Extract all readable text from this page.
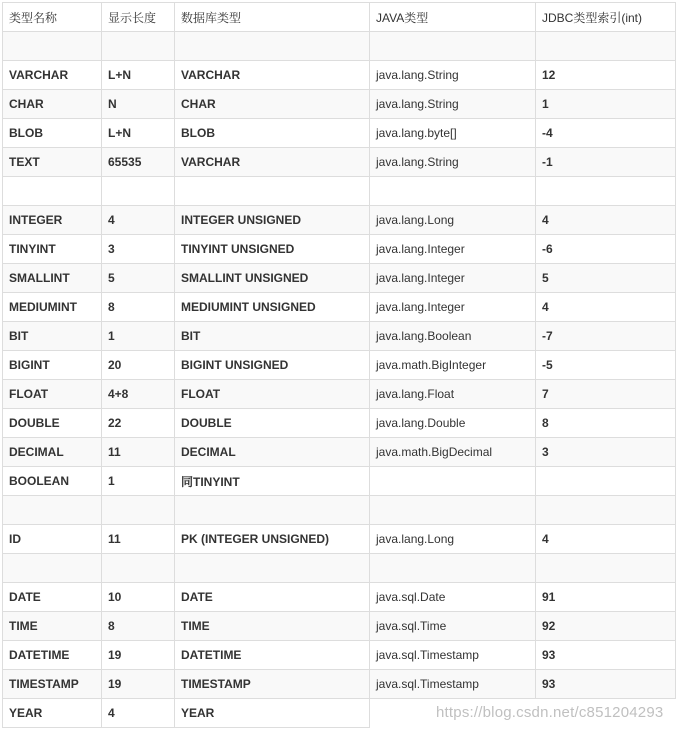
类型名称	显示长度	数据库类型	JAVA类型	JDBC类型索引(int)

VARCHAR	L+N	VARCHAR	java.lang.String	12
CHAR	N	CHAR	java.lang.String	1
BLOB	L+N	BLOB	java.lang.byte[]	-4
TEXT	65535	VARCHAR	java.lang.String	-1

INTEGER	4	INTEGER UNSIGNED	java.lang.Long	4
TINYINT	3	TINYINT UNSIGNED	java.lang.Integer	-6
SMALLINT	5	SMALLINT UNSIGNED	java.lang.Integer	5
MEDIUMINT	8	MEDIUMINT UNSIGNED	java.lang.Integer	4
BIT	1	BIT	java.lang.Boolean	-7
BIGINT	20	BIGINT UNSIGNED	java.math.BigInteger	-5
FLOAT	4+8	FLOAT	java.lang.Float	7
DOUBLE	22	DOUBLE	java.lang.Double	8
DECIMAL	11	DECIMAL	java.math.BigDecimal	3
BOOLEAN	1	同TINYINT		

ID	11	PK (INTEGER UNSIGNED)	java.lang.Long	4

DATE	10	DATE	java.sql.Date	91
TIME	8	TIME	java.sql.Time	92
DATETIME	19	DATETIME	java.sql.Timestamp	93
TIMESTAMP	19	TIMESTAMP	java.sql.Timestamp	93
YEAR	4	YEAR			https://blog.csdn.net/c851204293
